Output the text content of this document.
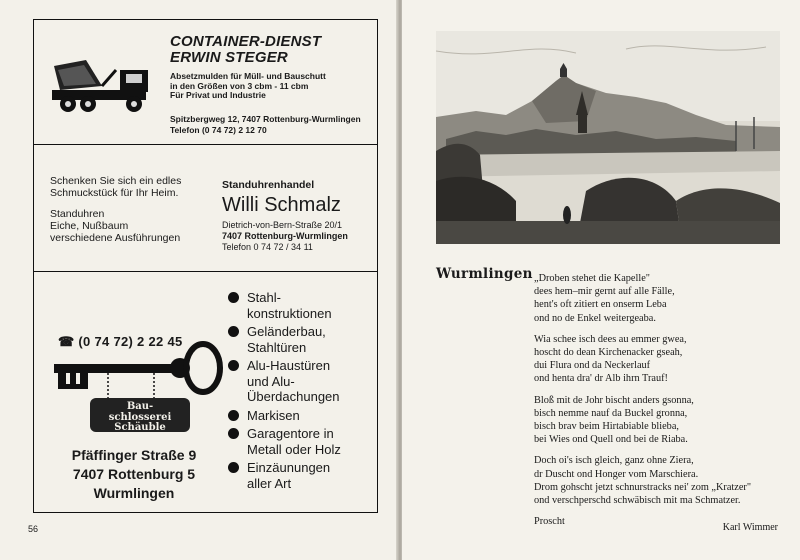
CONTAINER-DIENST
ERWIN STEGER
Absetzmulden für Müll- und Bauschutt
in den Größen von 3 cbm - 11 cbm
Für Privat und Industrie
Spitzbergweg 12, 7407 Rottenburg-Wurmlingen
Telefon (0 74 72) 2 12 70
Schenken Sie sich ein edles
Schmuckstück für Ihr Heim.
Standuhren
Eiche, Nußbaum
verschiedene Ausführungen
Standuhrenhandel
Willi Schmalz
Dietrich-von-Bern-Straße 20/1
7407 Rottenburg-Wurmlingen
Telefon 0 74 72 / 34 11
Bau-
schlosserei
Schäuble
☎ (0 74 72) 2 22 45
Pfäffinger Straße 9
7407 Rottenburg 5
Wurmlingen
Stahl-
konstruktionen
Geländerbau,
Stahltüren
Alu-Haustüren
und Alu-
Überdachungen
Markisen
Garagentore in
Metall oder Holz
Einzäunungen
aller Art
56
Wurmlingen „Droben stehet die Kapelle"
dees hem–mir gernt auf alle Fälle,
hent's oft zitiert en onserm Leba
ond no de Enkel weitergeaba.
Wia schee isch dees au emmer gwea,
hoscht do dean Kirchenacker gseah,
dui Flura ond da Neckerlauf
ond henta dra' dr Alb ihrn Trauf!
Bloß mit de Johr bischt anders gsonna,
bisch nemme nauf da Buckel gronna,
bisch brav beim Hirtabiable blieba,
bei Wies ond Quell ond bei de Riaba.
Doch oi's isch gleich, ganz ohne Ziera,
dr Duscht ond Honger vom Marschiera.
Drom gohscht jetzt schnurstracks nei' zom „Kratzer"
ond verschperschd schwäbisch mit ma Schmatzer.
Proscht
Karl Wimmer
